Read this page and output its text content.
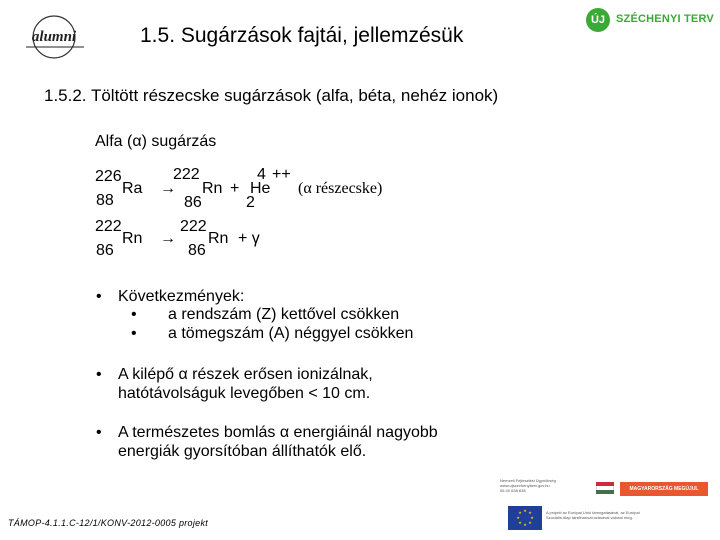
alumni	1.5. Sugárzások fajtái, jellemzésük
ÚJ SZÉCHENYI TERV
1.5.2. Töltött részecske sugárzások (alfa, béta, nehéz ionok)
Alfa (α) sugárzás
226
88
Ra →
222
86
Rn +
4
2
He
++
(α részecske)
222
86
Rn →
222
86
Rn + γ
• Következmények:
• a rendszám (Z) kettővel csökken
• a tömegszám (A) néggyel csökken
• A kilépő α részek erősen ionizálnak,
hatótávolságuk levegőben < 10 cm.
• A természetes bomlás α energiáinál nagyobb
energiák gyorsítóban állíthatók elő.
TÁMOP-4.1.1.C-12/1/KONV-2012-0005 projekt
Nemzeti Fejlesztési Ügynökség
www.ujszechenyiterv.gov.hu
06 40 638 638	MAGYARORSZÁG MEGÚJUL
★ ★
★
★
★
★
★
★	A projekt az Európai Unió támogatásával, az Európai
Szociális Alap társfinanszírozásával valósul meg.
